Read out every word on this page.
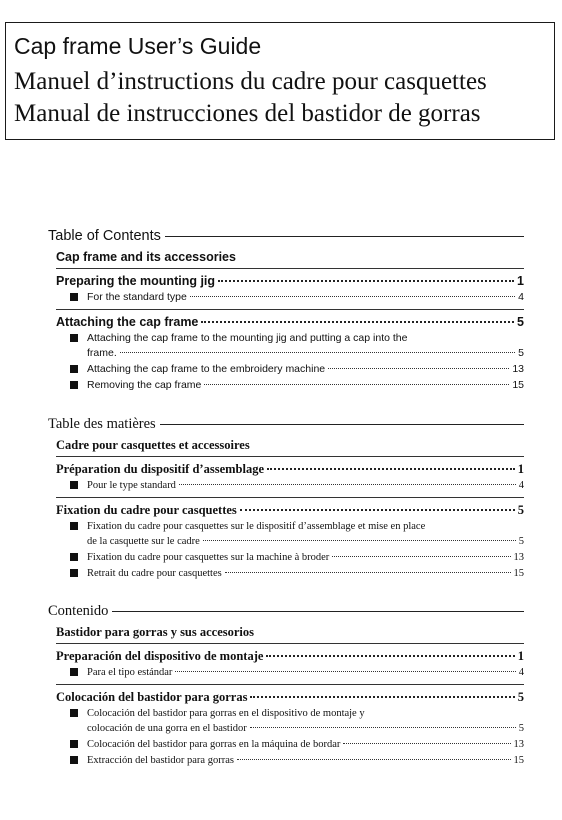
Cap frame User’s Guide
Manuel d’instructions du cadre pour casquettes
Manual de instrucciones del bastidor de gorras
Table of Contents
Cap frame and its accessories
Preparing the mounting jig	1
For the standard type	4
Attaching the cap frame	5
Attaching the cap frame to the mounting jig and putting a cap into the
frame.	5
Attaching the cap frame to the embroidery machine	13
Removing the cap frame	15
Table des matières
Cadre pour casquettes et accessoires
Préparation du dispositif d’assemblage	1
Pour le type standard	4
Fixation du cadre pour casquettes	5
Fixation du cadre pour casquettes sur le dispositif d’assemblage et mise en place
de la casquette sur le cadre	5
Fixation du cadre pour casquettes sur la machine à broder	13
Retrait du cadre pour casquettes	15
Contenido
Bastidor para gorras y sus accesorios
Preparación del dispositivo de montaje	1
Para el tipo estándar	4
Colocación del bastidor para gorras	5
Colocación del bastidor para gorras en el dispositivo de montaje y
colocación de una gorra en el bastidor	5
Colocación del bastidor para gorras en la máquina de bordar	13
Extracción del bastidor para gorras	15
